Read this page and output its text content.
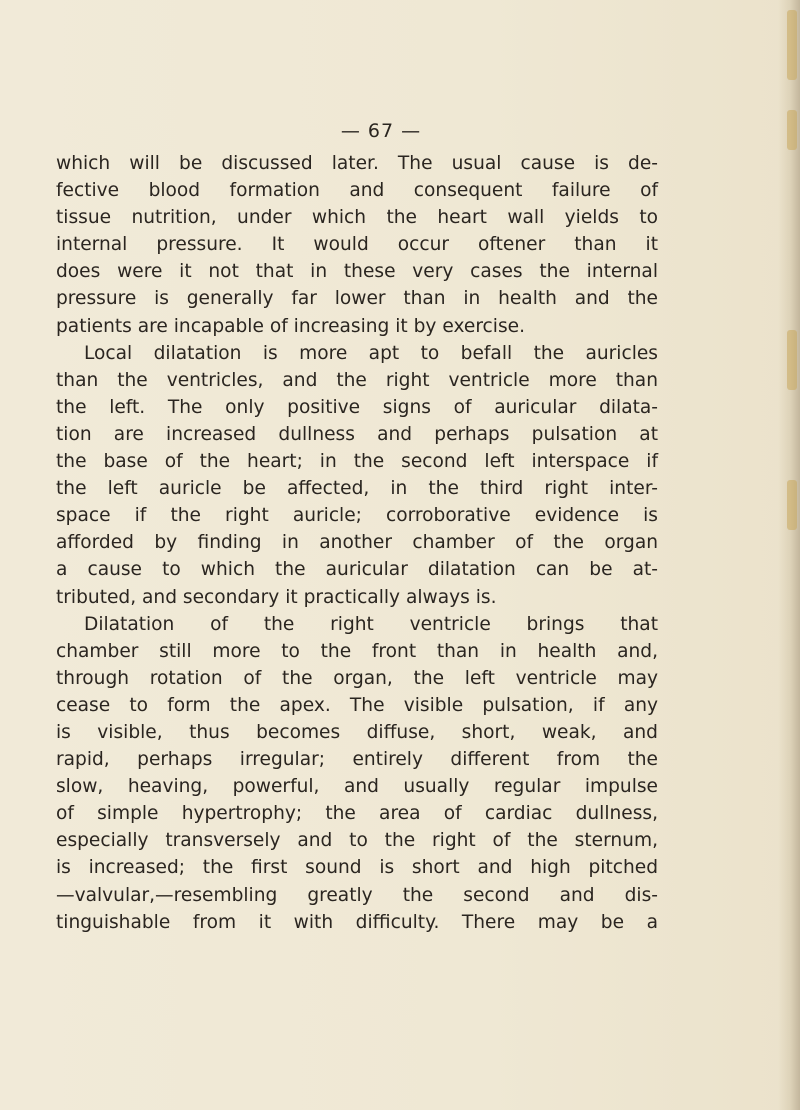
— 67 —
which will be discussed later. The usual cause is de-
fective blood formation and consequent failure of
tissue nutrition, under which the heart wall yields to
internal pressure. It would occur oftener than it
does were it not that in these very cases the internal
pressure is generally far lower than in health and the
patients are incapable of increasing it by exercise.
Local dilatation is more apt to befall the auricles
than the ventricles, and the right ventricle more than
the left. The only positive signs of auricular dilata-
tion are increased dullness and perhaps pulsation at
the base of the heart; in the second left interspace if
the left auricle be affected, in the third right inter-
space if the right auricle; corroborative evidence is
afforded by finding in another chamber of the organ
a cause to which the auricular dilatation can be at-
tributed, and secondary it practically always is.
Dilatation of the right ventricle brings that
chamber still more to the front than in health and,
through rotation of the organ, the left ventricle may
cease to form the apex. The visible pulsation, if any
is visible, thus becomes diffuse, short, weak, and
rapid, perhaps irregular; entirely different from the
slow, heaving, powerful, and usually regular impulse
of simple hypertrophy; the area of cardiac dullness,
especially transversely and to the right of the sternum,
is increased; the first sound is short and high pitched
—valvular,—resembling greatly the second and dis-
tinguishable from it with difficulty. There may be a
